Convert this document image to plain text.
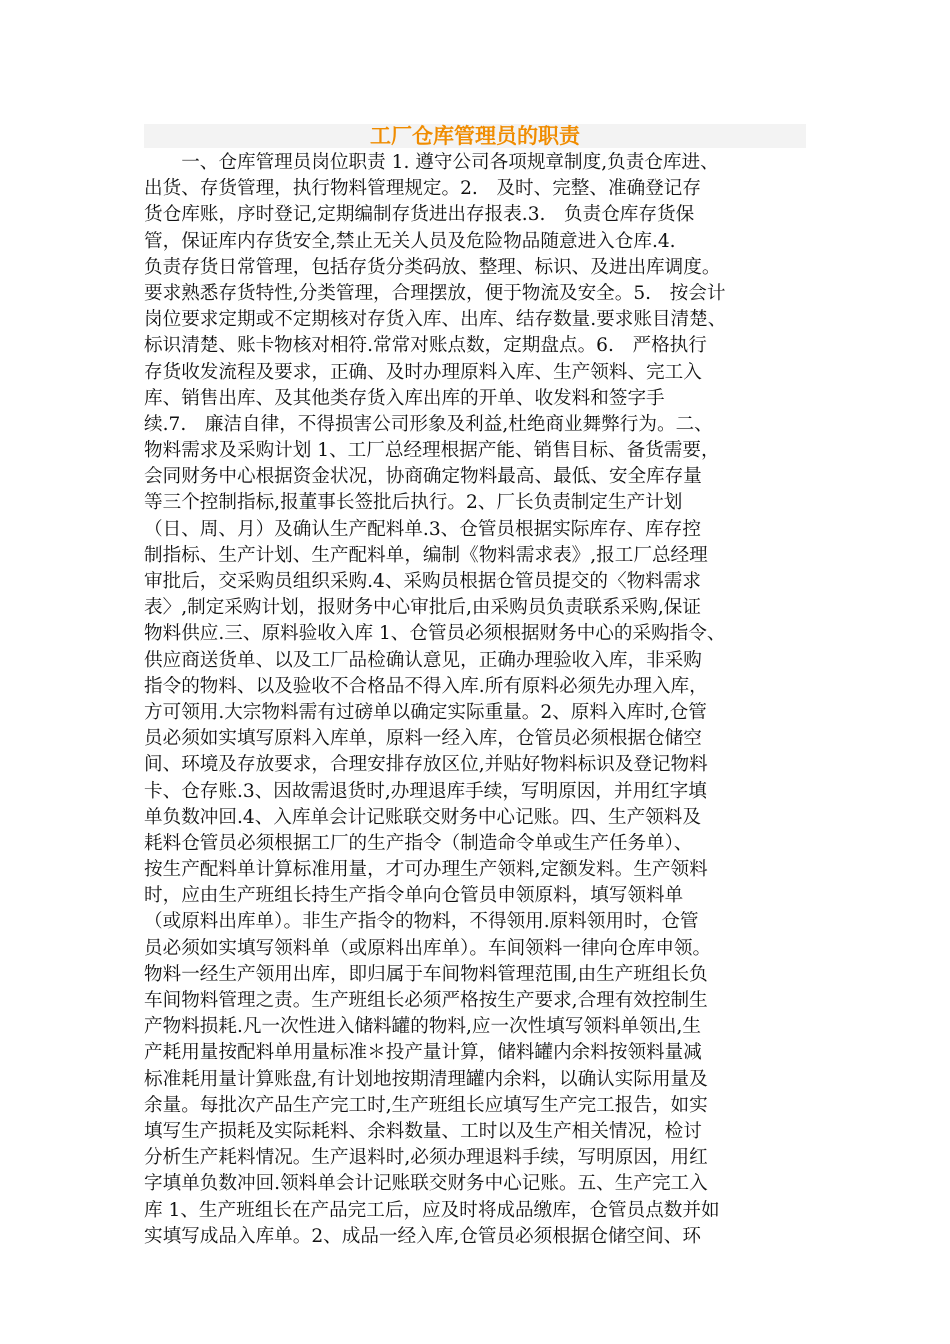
工厂仓库管理员的职责
　　一、仓库管理员岗位职责 1. 遵守公司各项规章制度,负责仓库进、
出货、存货管理，执行物料管理规定。2.　及时、完整、准确登记存
货仓库账，序时登记,定期编制存货进出存报表.3.　负责仓库存货保
管，保证库内存货安全,禁止无关人员及危险物品随意进入仓库.4.
负责存货日常管理，包括存货分类码放、整理、标识、及进出库调度。
要求熟悉存货特性,分类管理，合理摆放，便于物流及安全。5.　按会计
岗位要求定期或不定期核对存货入库、出库、结存数量.要求账目清楚、
标识清楚、账卡物核对相符.常常对账点数，定期盘点。6.　严格执行
存货收发流程及要求，正确、及时办理原料入库、生产领料、完工入
库、销售出库、及其他类存货入库出库的开单、收发料和签字手
续.7.　廉洁自律，不得损害公司形象及利益,杜绝商业舞弊行为。二、
物料需求及采购计划 1、工厂总经理根据产能、销售目标、备货需要，
会同财务中心根据资金状况，协商确定物料最高、最低、安全库存量
等三个控制指标,报董事长签批后执行。2、厂长负责制定生产计划
（日、周、月）及确认生产配料单.3、仓管员根据实际库存、库存控
制指标、生产计划、生产配料单，编制《物料需求表》,报工厂总经理
审批后，交采购员组织采购.4、采购员根据仓管员提交的〈物料需求
表〉,制定采购计划，报财务中心审批后,由采购员负责联系采购,保证
物料供应.三、原料验收入库 1、仓管员必须根据财务中心的采购指令、
供应商送货单、以及工厂品检确认意见，正确办理验收入库，非采购
指令的物料、以及验收不合格品不得入库.所有原料必须先办理入库，
方可领用.大宗物料需有过磅单以确定实际重量。2、原料入库时,仓管
员必须如实填写原料入库单，原料一经入库，仓管员必须根据仓储空
间、环境及存放要求，合理安排存放区位,并贴好物料标识及登记物料
卡、仓存账.3、因故需退货时,办理退库手续，写明原因，并用红字填
单负数冲回.4、入库单会计记账联交财务中心记账。四、生产领料及
耗料仓管员必须根据工厂的生产指令（制造命令单或生产任务单）、
按生产配料单计算标准用量，才可办理生产领料,定额发料。生产领料
时，应由生产班组长持生产指令单向仓管员申领原料，填写领料单
（或原料出库单）。非生产指令的物料，不得领用.原料领用时，仓管
员必须如实填写领料单（或原料出库单）。车间领料一律向仓库申领。
物料一经生产领用出库，即归属于车间物料管理范围,由生产班组长负
车间物料管理之责。生产班组长必须严格按生产要求,合理有效控制生
产物料损耗.凡一次性进入储料罐的物料,应一次性填写领料单领出,生
产耗用量按配料单用量标准＊投产量计算，储料罐内余料按领料量减
标准耗用量计算账盘,有计划地按期清理罐内余料，以确认实际用量及
余量。每批次产品生产完工时,生产班组长应填写生产完工报告，如实
填写生产损耗及实际耗料、余料数量、工时以及生产相关情况，检讨
分析生产耗料情况。生产退料时,必须办理退料手续，写明原因，用红
字填单负数冲回.领料单会计记账联交财务中心记账。五、生产完工入
库 1、生产班组长在产品完工后，应及时将成品缴库，仓管员点数并如
实填写成品入库单。2、成品一经入库,仓管员必须根据仓储空间、环
